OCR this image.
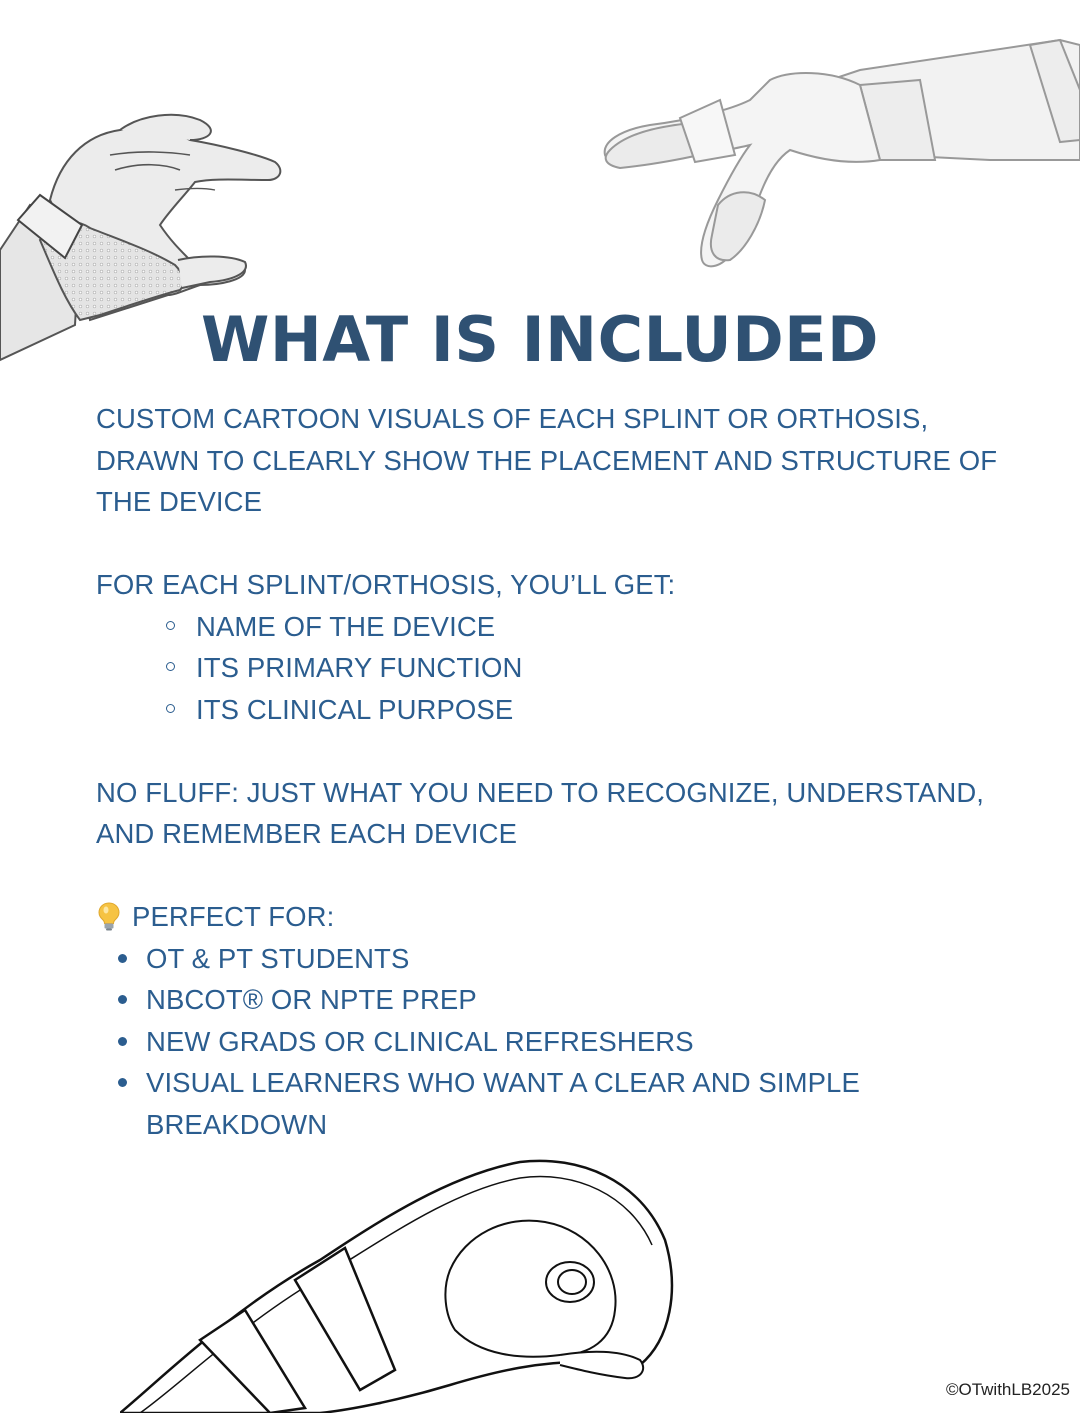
WHAT IS INCLUDED

CUSTOM CARTOON VISUALS OF EACH SPLINT OR ORTHOSIS, DRAWN TO CLEARLY SHOW THE PLACEMENT AND STRUCTURE OF THE DEVICE

FOR EACH SPLINT/ORTHOSIS, YOU’LL GET:

NAME OF THE DEVICE
ITS PRIMARY FUNCTION
ITS CLINICAL PURPOSE

NO FLUFF: JUST WHAT YOU NEED TO RECOGNIZE, UNDERSTAND, AND REMEMBER EACH DEVICE

PERFECT FOR:

OT & PT STUDENTS
NBCOT® OR NPTE PREP
NEW GRADS OR CLINICAL REFRESHERS
VISUAL LEARNERS WHO WANT A CLEAR AND SIMPLE BREAKDOWN
©OTwithLB2025
